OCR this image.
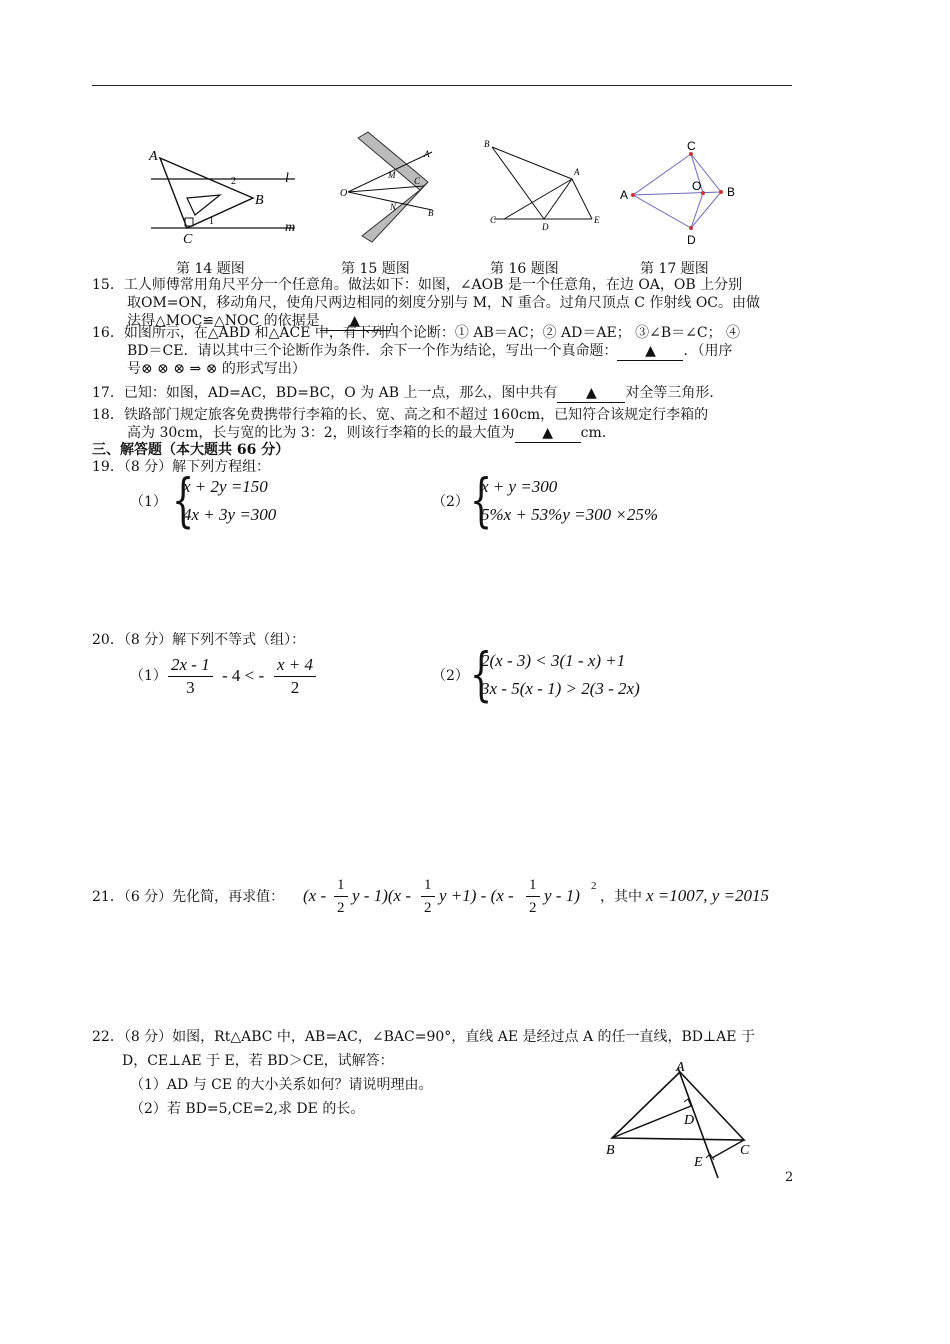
A
B
C
l
m
1
2
第 14 题图
O
A
B
M
N
C
第 15 题图
B
A
C
D
E
第 16 题图
A	B
C
D
O
第 17 题图
15．工人师傅常用角尺平分一个任意角。做法如下：如图，∠AOB 是一个任意角，在边 OA，OB 上分别
取OM=ON，移动角尺，使角尺两边相同的刻度分别与 M，N 重合。过角尺顶点 C 作射线 OC。由做
法得△MOC≌△NOC 的依据是 ▲ ．
16．如图所示，在△ABD 和△ACE 中，有下列四个论断：① AB＝AC；② AD＝AE； ③∠B＝∠C； ④
BD＝CE．请以其中三个论断作为条件．余下一个作为结论，写出一个真命题： ▲ ．（用序
号⊗ ⊗ ⊗ ⇒ ⊗ 的形式写出）
17．已知：如图，AD=AC，BD=BC，O 为 AB 上一点，那么，图中共有 ▲ 对全等三角形．
18．铁路部门规定旅客免费携带行李箱的长、宽、高之和不超过 160cm，已知符合该规定行李箱的
高为 30cm，长与宽的比为 3：2，则该行李箱的长的最大值为 ▲ cm.
三、解答题（本大题共 66 分）
19．（8 分）解下列方程组：
（1） {
x + 2y =150
4x + 3y =300
（2） {
x + y =300
5%x + 53%y =300 ×25%
20．（8 分）解下列不等式（组）：
$(1) \frac{2x - 1}{3} - 4$ < - $\frac{x + 4}{2}$	（2） {
2(x - 3) < 3(1 - x) +1
3x - 5(x - 1) > 2(3 - 2x)
21．（6 分）先化简，再求值： ($x - \frac{1}{2}$ y - $1)(x - \frac{1}{2}$ $y +1) - (x - \frac{1}{2}$ y - 1) 2
，其中 x =1007, y =2015
22．（8 分）如图，Rt△ABC 中，AB=AC，∠BAC=90°，直线 AE 是经过点 A 的任一直线，BD⊥AE 于
D，CE⊥AE 于 E，若 BD＞CE，试解答：
（1）AD 与 CE 的大小关系如何？请说明理由。
（2）若 BD=5,CE=2,求 DE 的长。
A
B	C
D
E
2
